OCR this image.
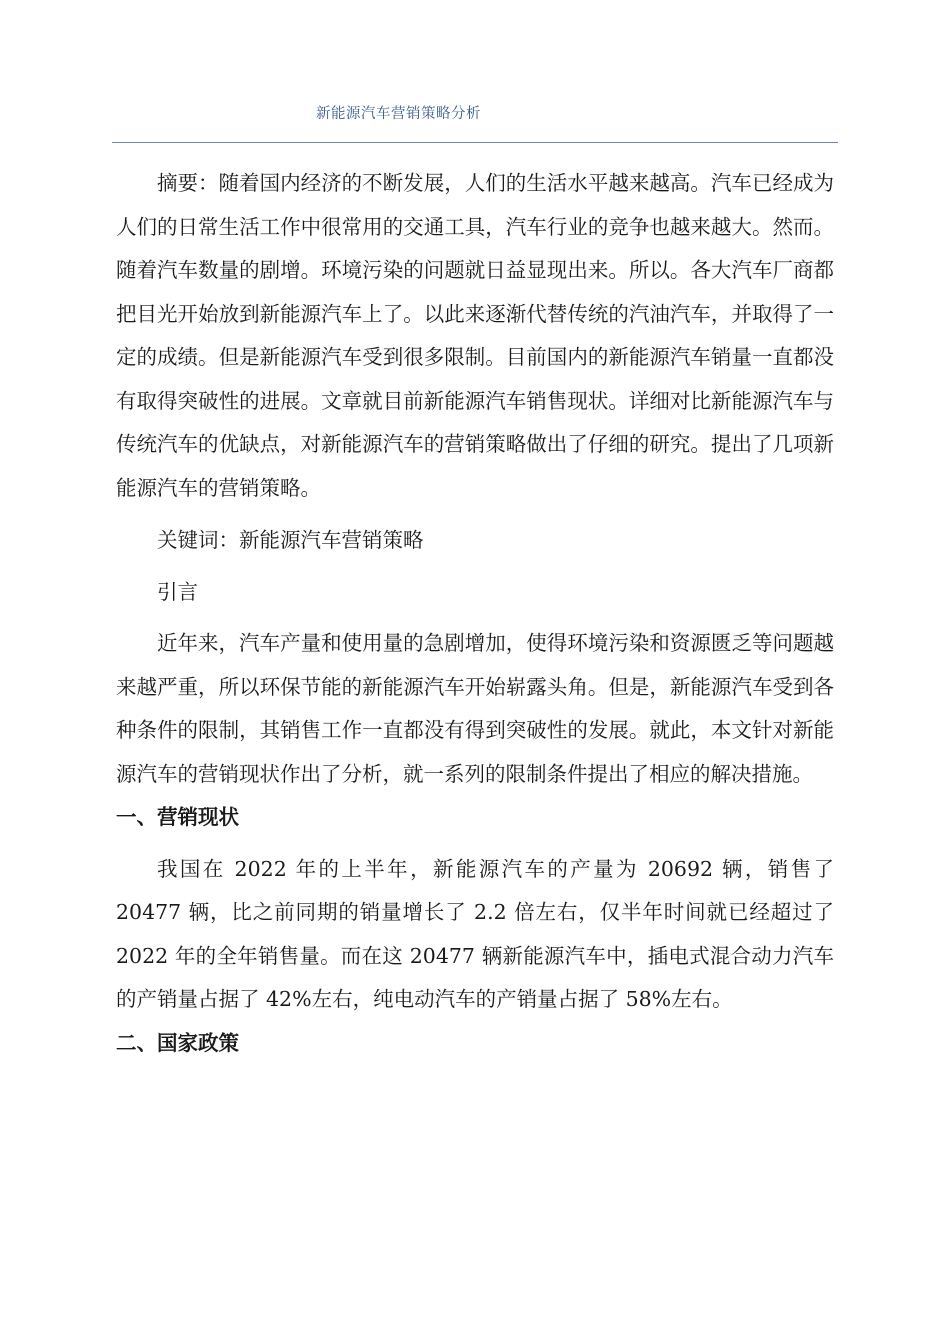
新能源汽车营销策略分析

摘要：随着国内经济的不断发展，人们的生活水平越来越高。汽车已经成为人们的日常生活工作中很常用的交通工具，汽车行业的竞争也越来越大。然而。随着汽车数量的剧增。环境污染的问题就日益显现出来。所以。各大汽车厂商都把目光开始放到新能源汽车上了。以此来逐渐代替传统的汽油汽车，并取得了一定的成绩。但是新能源汽车受到很多限制。目前国内的新能源汽车销量一直都没有取得突破性的进展。文章就目前新能源汽车销售现状。详细对比新能源汽车与传统汽车的优缺点，对新能源汽车的营销策略做出了仔细的研究。提出了几项新能源汽车的营销策略。

关键词：新能源汽车营销策略

引言

近年来，汽车产量和使用量的急剧增加，使得环境污染和资源匮乏等问题越来越严重，所以环保节能的新能源汽车开始崭露头角。但是，新能源汽车受到各种条件的限制，其销售工作一直都没有得到突破性的发展。就此，本文针对新能源汽车的营销现状作出了分析，就一系列的限制条件提出了相应的解决措施。

一、营销现状

我国在 2022 年的上半年，新能源汽车的产量为 20692 辆，销售了 20477 辆，比之前同期的销量增长了 2.2 倍左右，仅半年时间就已经超过了 2022 年的全年销售量。而在这 20477 辆新能源汽车中，插电式混合动力汽车的产销量占据了 42%左右，纯电动汽车的产销量占据了 58%左右。

二、国家政策
